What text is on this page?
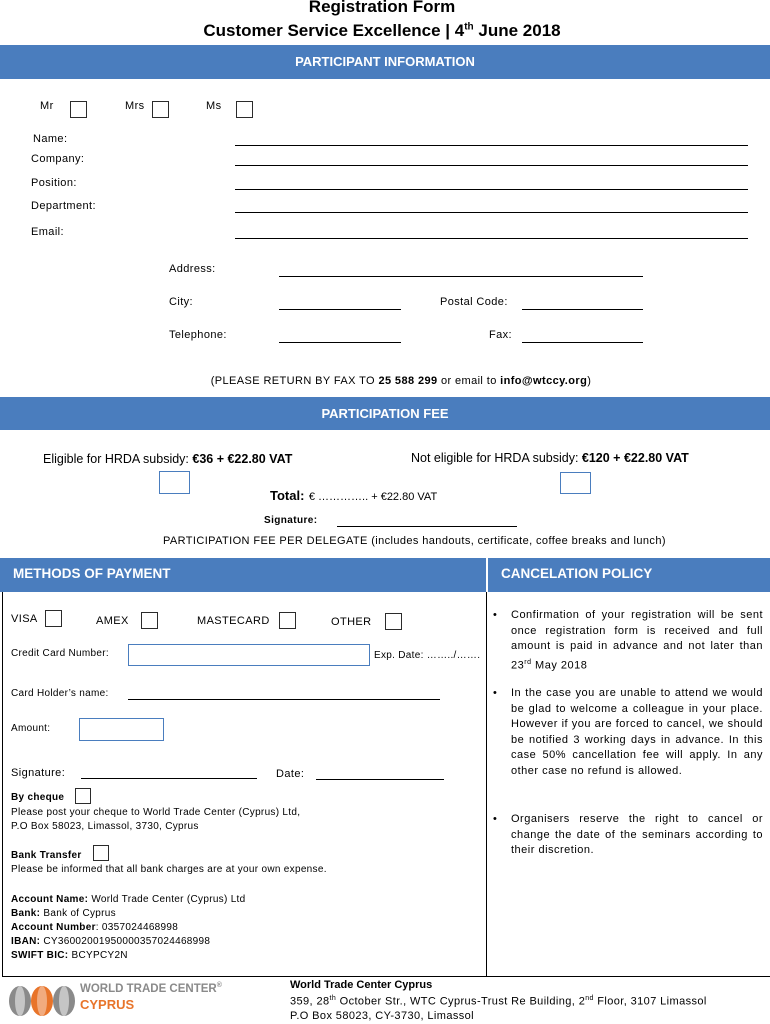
Registration Form
Customer Service Excellence | 4th June 2018
PARTICIPANT INFORMATION
Mr	Mrs	Ms
Name:
Company:
Position:
Department:
Email:
Address:
City:	Postal Code:
Telephone:	Fax:
(PLEASE RETURN BY FAX TO 25 588 299 or email to info@wtccy.org)
PARTICIPATION FEE
Eligible for HRDA subsidy: €36 + €22.80 VAT	Not eligible for HRDA subsidy: €120 + €22.80 VAT
Total: € ………….. + €22.80 VAT
Signature:
PARTICIPATION FEE PER DELEGATE (includes handouts, certificate, coffee breaks and lunch)
METHODS OF PAYMENT	CANCELATION POLICY
VISA	AMEX	MASTECARD	OTHER
Credit Card Number:	Exp. Date: ……../…….
Card Holder’s name:
Amount:
Signature:	Date:
By cheque
Please post your cheque to World Trade Center (Cyprus) Ltd,
P.O Box 58023, Limassol, 3730, Cyprus
Bank Transfer
Please be informed that all bank charges are at your own expense.
Account Name: World Trade Center (Cyprus) Ltd
Bank: Bank of Cyprus
Account Number: 0357024468998
IBAN: CY36002001950000357024468998
SWIFT BIC: BCYPCY2N
• Confirmation of your registration will be sent once registration form is received and full amount is paid in advance and not later than 23rd May 2018
• In the case you are unable to attend we would be glad to welcome a colleague in your place. However if you are forced to cancel, we should be notified 3 working days in advance. In this case 50% cancellation fee will apply. In any other case no refund is allowed.
• Organisers reserve the right to cancel or change the date of the seminars according to their discretion.
WORLD TRADE CENTER®
CYPRUS
World Trade Center Cyprus
359, 28th October Str., WTC Cyprus-Trust Re Building, 2nd Floor, 3107 Limassol
P.O Box 58023, CY-3730, Limassol
